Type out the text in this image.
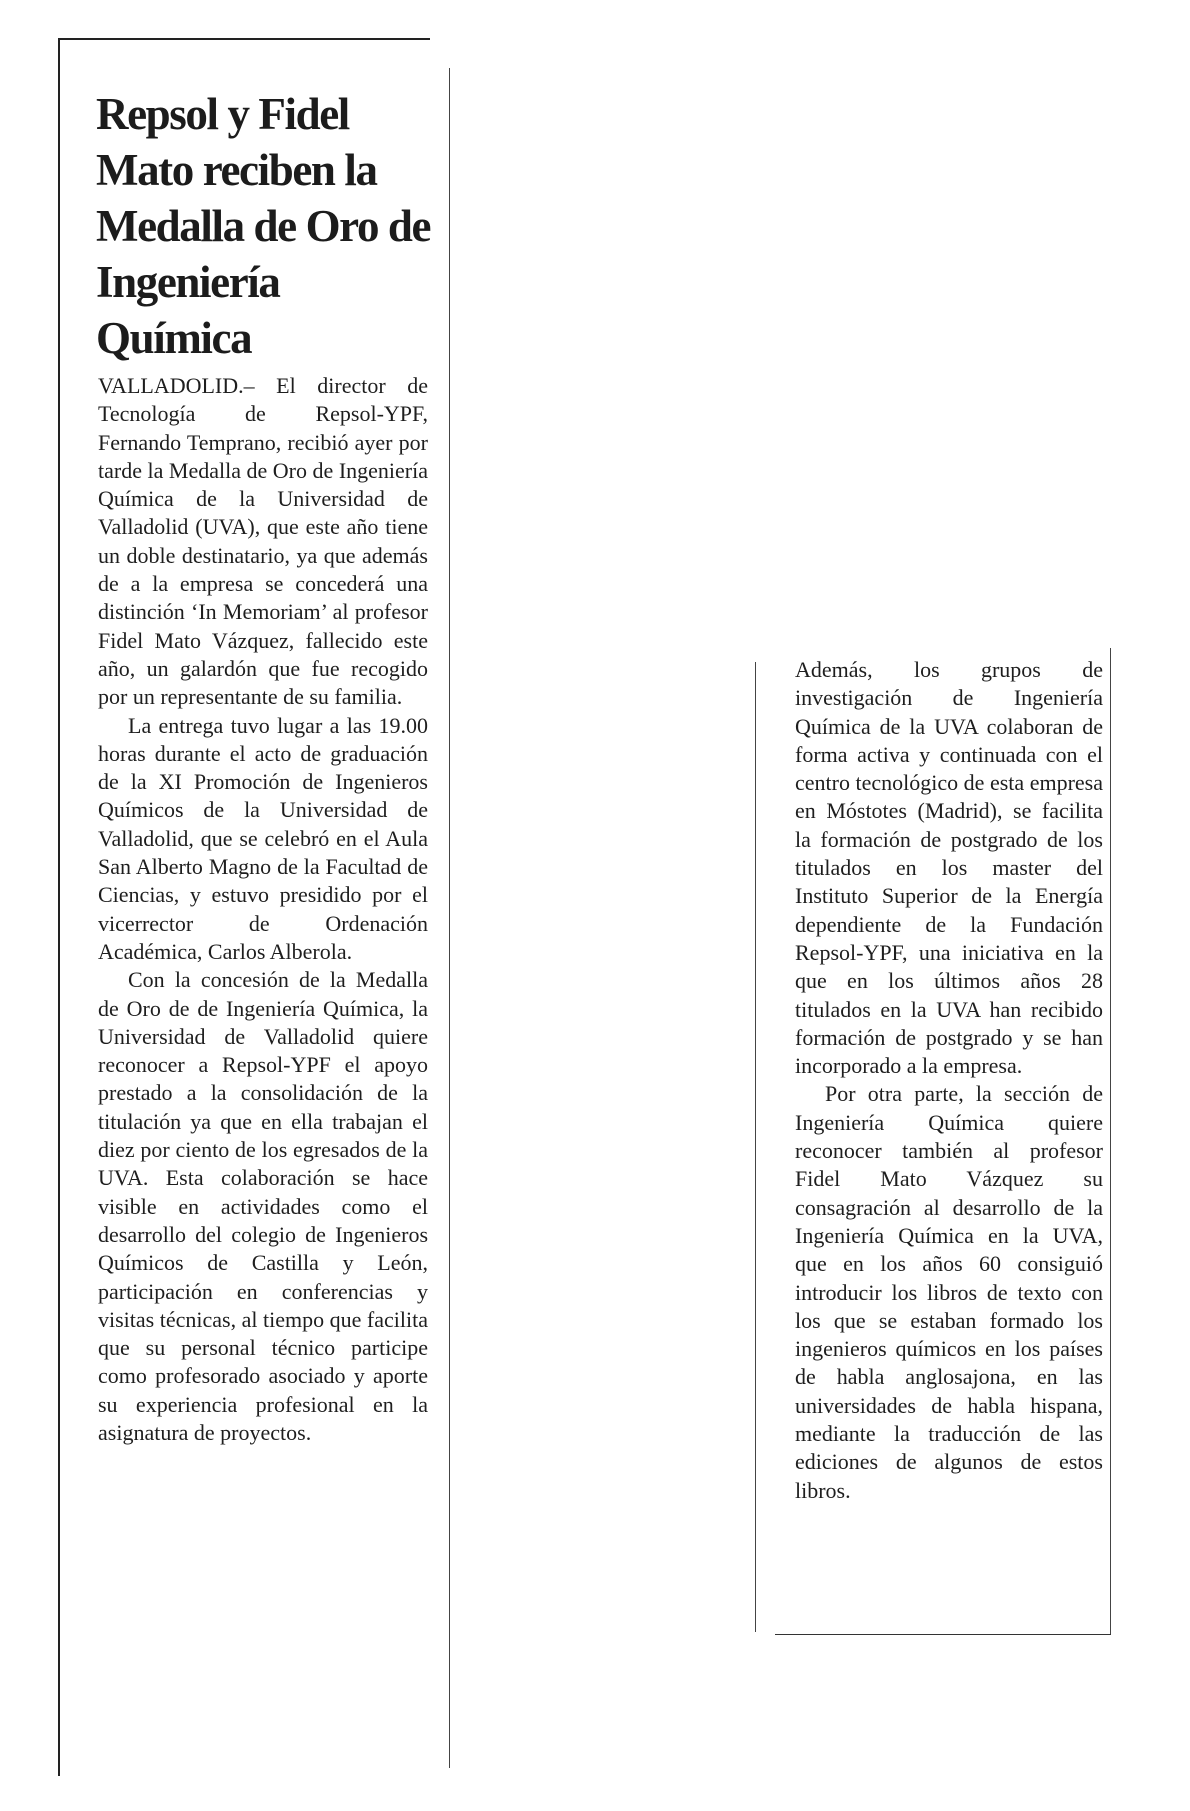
Repsol y Fidel Mato reciben la Medalla de Oro de Ingeniería Química

VALLADOLID.– El director de Tecnología de Repsol-YPF, Fernando Temprano, recibió ayer por tarde la Medalla de Oro de Ingeniería Química de la Universidad de Valladolid (UVA), que este año tiene un doble destinatario, ya que además de a la empresa se concederá una distinción ‘In Memoriam’ al profesor Fidel Mato Vázquez, fallecido este año, un galardón que fue recogido por un representante de su familia.

La entrega tuvo lugar a las 19.00 horas durante el acto de graduación de la XI Promoción de Ingenieros Químicos de la Universidad de Valladolid, que se celebró en el Aula San Alberto Magno de la Facultad de Ciencias, y estuvo presidido por el vicerrector de Ordenación Académica, Carlos Alberola.

Con la concesión de la Medalla de Oro de de Ingeniería Química, la Universidad de Valladolid quiere reconocer a Repsol-YPF el apoyo prestado a la consolidación de la titulación ya que en ella trabajan el diez por ciento de los egresados de la UVA. Esta colaboración se hace visible en actividades como el desarrollo del colegio de Ingenieros Químicos de Castilla y León, participación en conferencias y visitas técnicas, al tiempo que facilita que su personal técnico participe como profesorado asociado y aporte su experiencia profesional en la asignatura de proyectos.

Además, los grupos de investigación de Ingeniería Química de la UVA colaboran de forma activa y continuada con el centro tecnológico de esta empresa en Móstotes (Madrid), se facilita la formación de postgrado de los titulados en los master del Instituto Superior de la Energía dependiente de la Fundación Repsol-YPF, una iniciativa en la que en los últimos años 28 titulados en la UVA han recibido formación de postgrado y se han incorporado a la empresa.

Por otra parte, la sección de Ingeniería Química quiere reconocer también al profesor Fidel Mato Vázquez su consagración al desarrollo de la Ingeniería Química en la UVA, que en los años 60 consiguió introducir los libros de texto con los que se estaban formado los ingenieros químicos en los países de habla anglosajona, en las universidades de habla hispana, mediante la traducción de las ediciones de algunos de estos libros.
